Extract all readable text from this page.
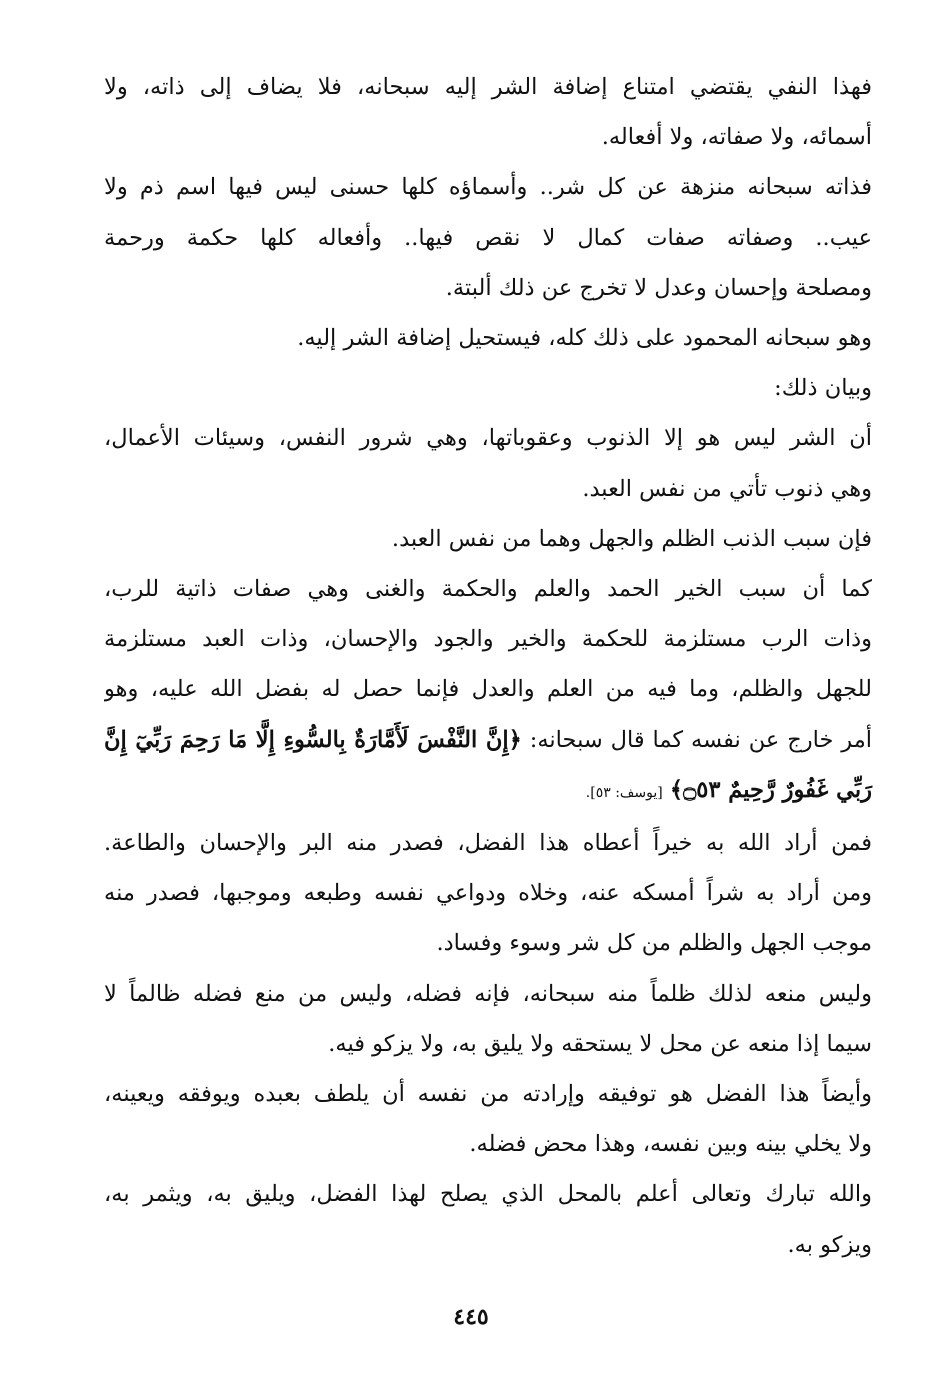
فهذا النفي يقتضي امتناع إضافة الشر إليه سبحانه، فلا يضاف إلى ذاته، ولا
أسمائه، ولا صفاته، ولا أفعاله.

فذاته سبحانه منزهة عن كل شر.. وأسماؤه كلها حسنى ليس فيها اسم ذم ولا
عيب.. وصفاته صفات كمال لا نقص فيها.. وأفعاله كلها حكمة ورحمة
ومصلحة وإحسان وعدل لا تخرج عن ذلك ألبتة.

وهو سبحانه المحمود على ذلك كله، فيستحيل إضافة الشر إليه.

وبيان ذلك:

أن الشر ليس هو إلا الذنوب وعقوباتها، وهي شرور النفس، وسيئات الأعمال،
وهي ذنوب تأتي من نفس العبد.

فإن سبب الذنب الظلم والجهل وهما من نفس العبد.

كما أن سبب الخير الحمد والعلم والحكمة والغنى وهي صفات ذاتية للرب،
وذات الرب مستلزمة للحكمة والخير والجود والإحسان، وذات العبد مستلزمة
للجهل والظلم، وما فيه من العلم والعدل فإنما حصل له بفضل الله عليه، وهو
أمر خارج عن نفسه كما قال سبحانه: ﴿إِنَّ النَّفْسَ لَأَمَّارَةٌ بِالسُّوءِ إِلَّا مَا رَحِمَ رَبِّيٓ إِنَّ
رَبِّي غَفُورٌ رَّحِيمٌ ۝٥٣﴾ [يوسف: ٥٣].

فمن أراد الله به خيراً أعطاه هذا الفضل، فصدر منه البر والإحسان والطاعة.
ومن أراد به شراً أمسكه عنه، وخلاه ودواعي نفسه وطبعه وموجبها، فصدر منه
موجب الجهل والظلم من كل شر وسوء وفساد.

وليس منعه لذلك ظلماً منه سبحانه، فإنه فضله، وليس من منع فضله ظالماً لا
سيما إذا منعه عن محل لا يستحقه ولا يليق به، ولا يزكو فيه.

وأيضاً هذا الفضل هو توفيقه وإرادته من نفسه أن يلطف بعبده ويوفقه ويعينه،
ولا يخلي بينه وبين نفسه، وهذا محض فضله.

والله تبارك وتعالى أعلم بالمحل الذي يصلح لهذا الفضل، ويليق به، ويثمر به،
ويزكو به.

٤٤٥
